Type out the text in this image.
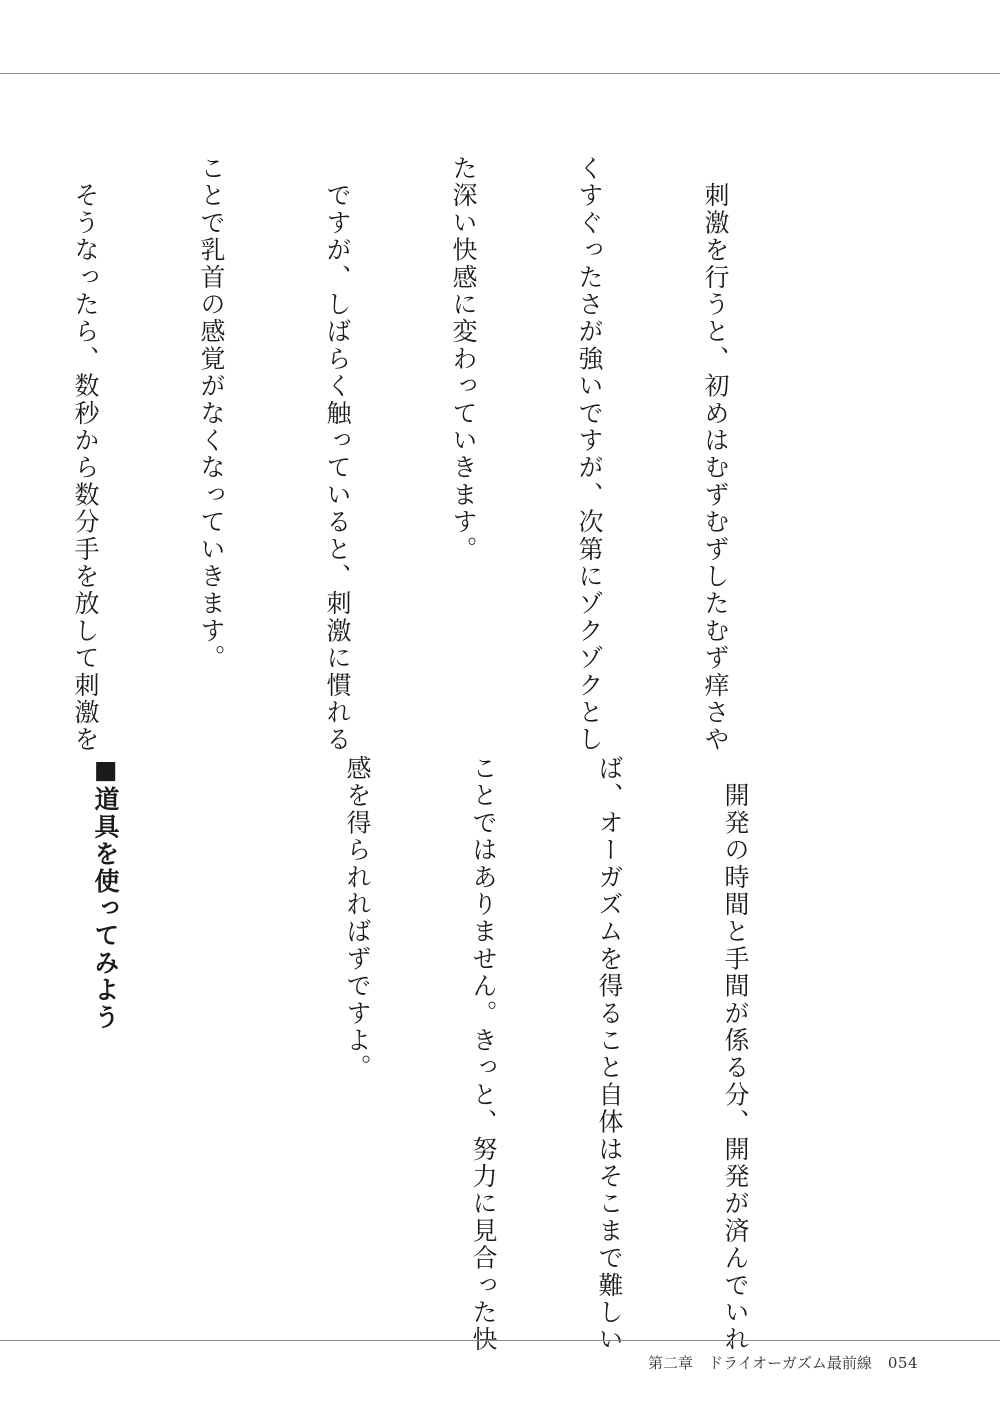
　刺激を行うと、初めはむずむずしたむず痒さや

くすぐったさが強いですが、次第にゾクゾクとし

た深い快感に変わっていきます。

　ですが、しばらく触っていると、刺激に慣れる

ことで乳首の感覚がなくなっていきます。

　そうなったら、数秒から数分手を放して刺激を

　開発の時間と手間が係る分、開発が済んでいれ

ば、オーガズムを得ること自体はそこまで難しい

ことではありません。きっと、努力に見合った快

感を得られればずですよ。

■道具を使ってみよう

第二章　ドライオーガズム最前線 054
